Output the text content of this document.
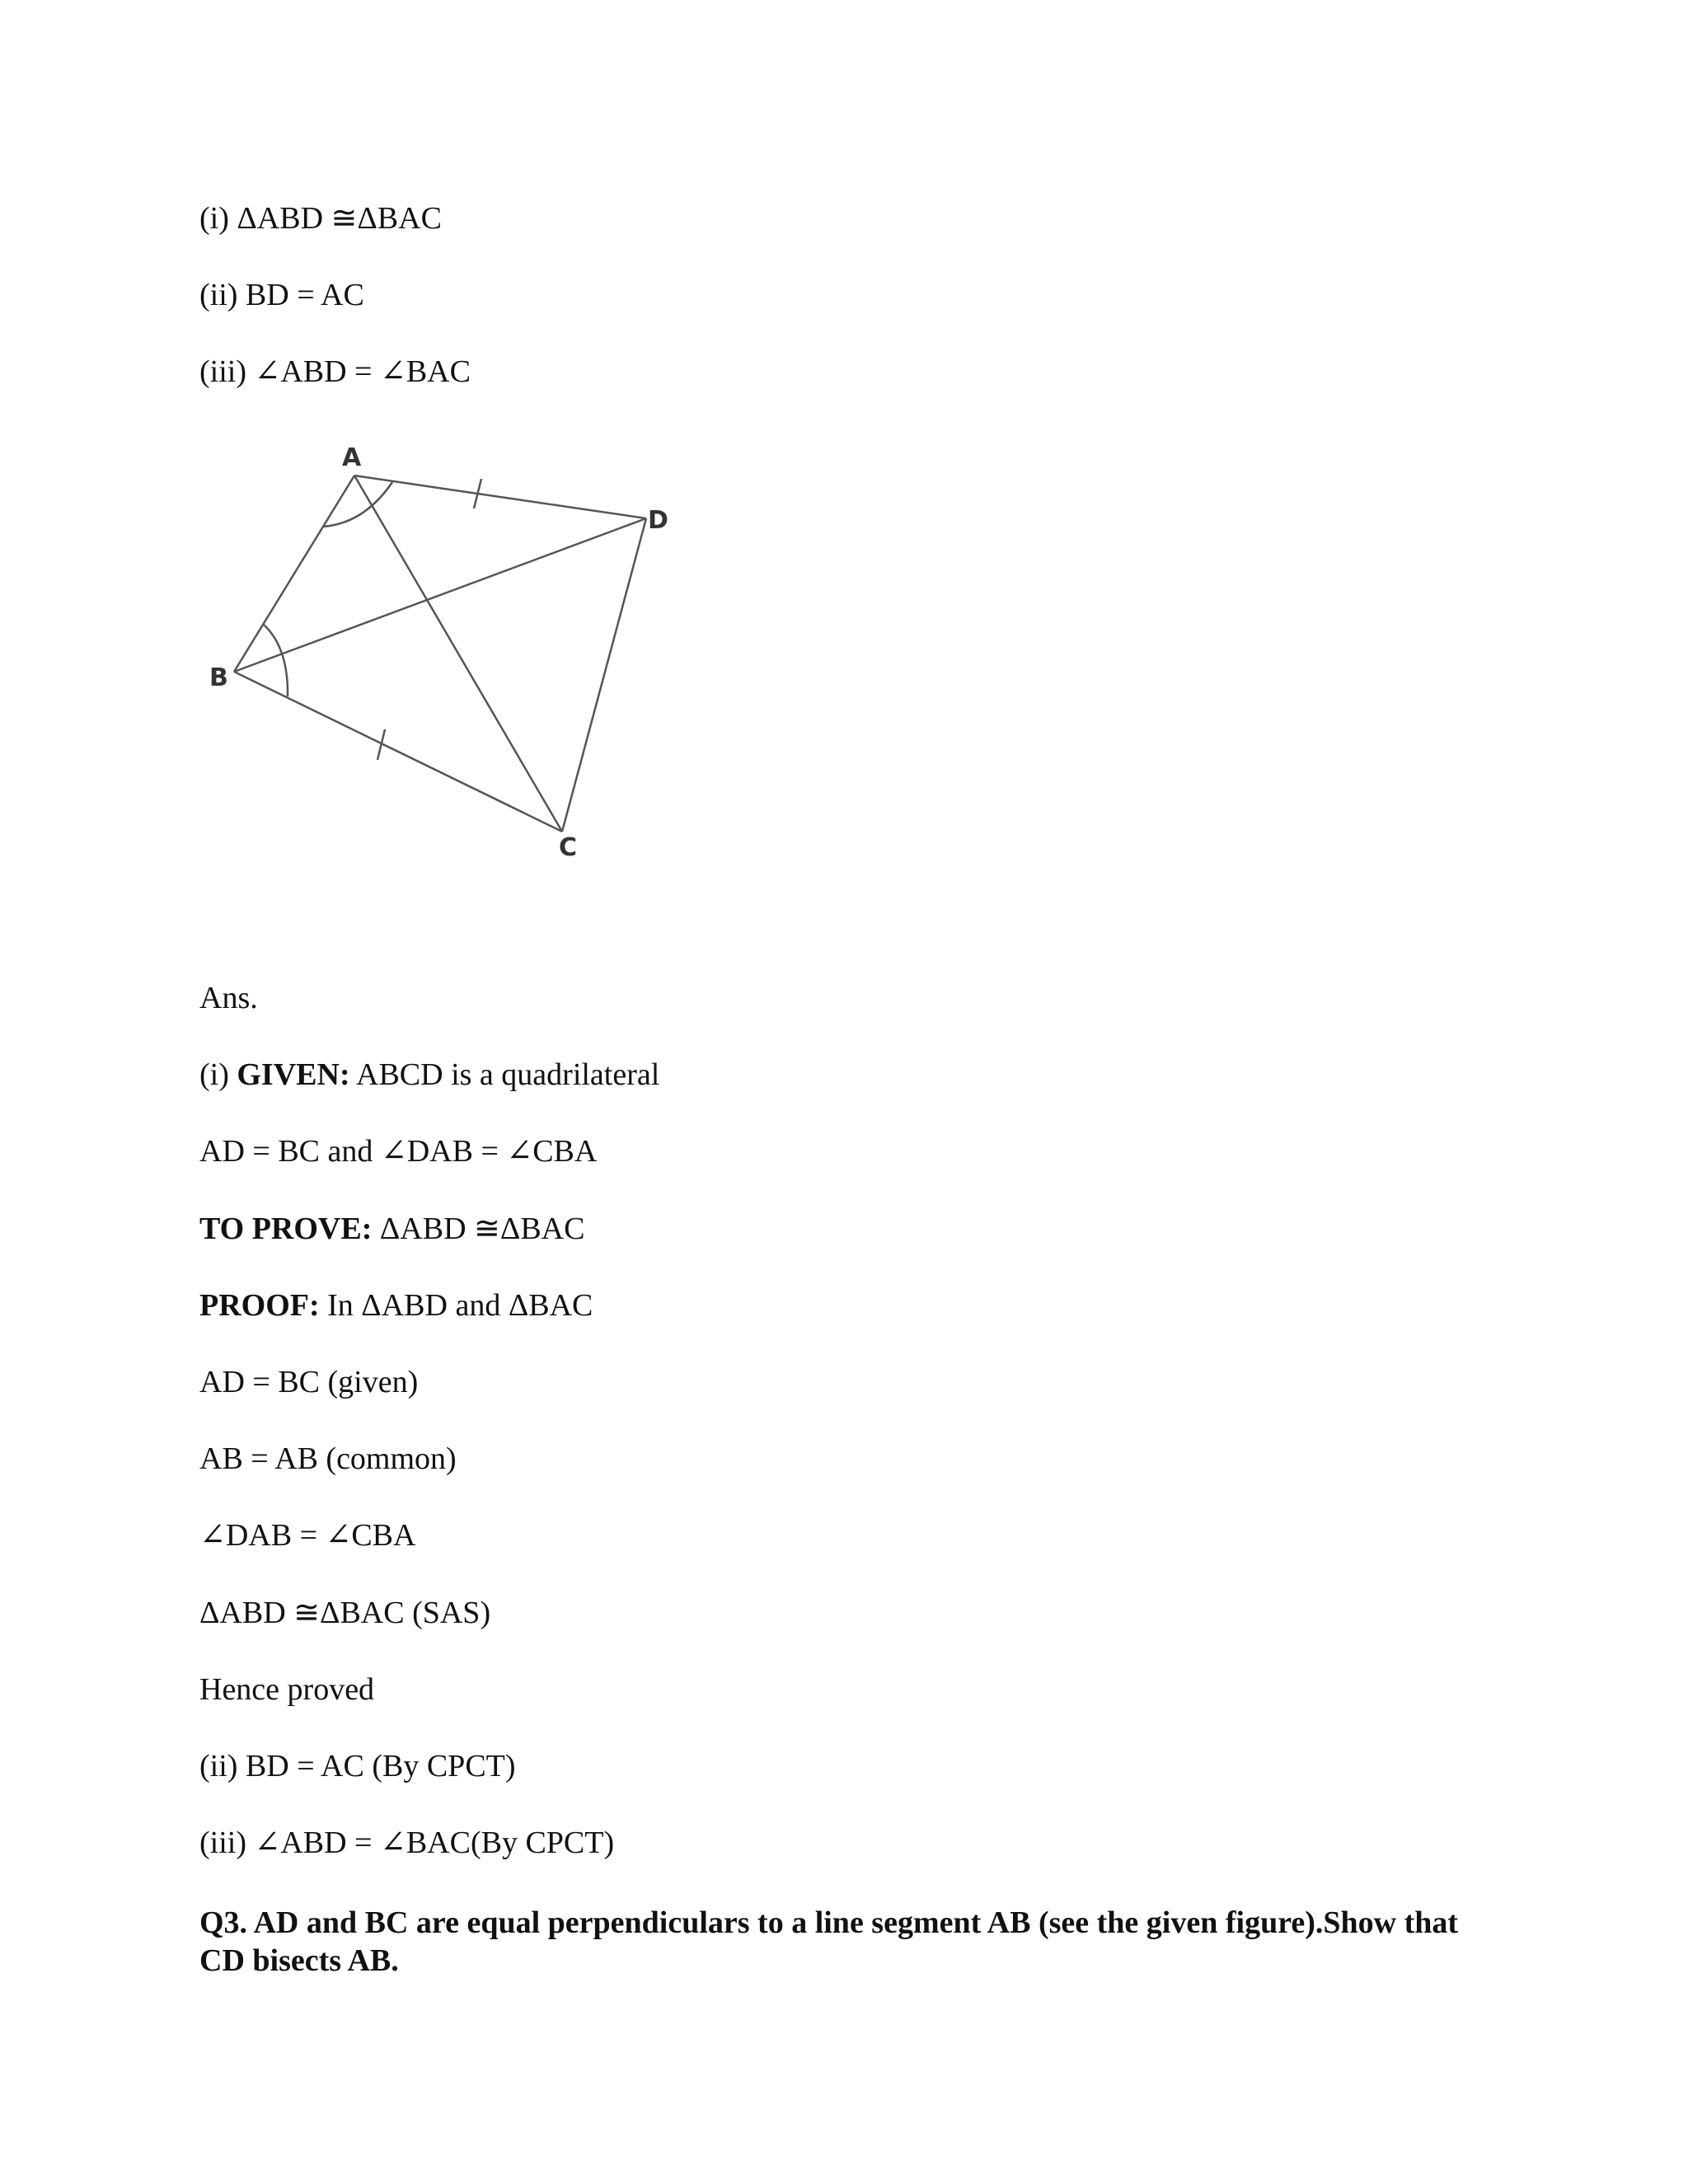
(i) ΔABD ≅ΔBAC
(ii) BD = AC
(iii) ∠ABD = ∠BAC
A
D
B
C
Ans.
(i) GIVEN: ABCD is a quadrilateral
AD = BC and ∠DAB = ∠CBA
TO PROVE: ΔABD ≅ΔBAC
PROOF: In ΔABD and ΔBAC
AD = BC (given)
AB = AB (common)
∠DAB = ∠CBA
ΔABD ≅ΔBAC (SAS)
Hence proved
(ii) BD = AC (By CPCT)
(iii) ∠ABD = ∠BAC(By CPCT)
Q3. AD and BC are equal perpendiculars to a line segment AB (see the given figure).Show that CD bisects AB.
